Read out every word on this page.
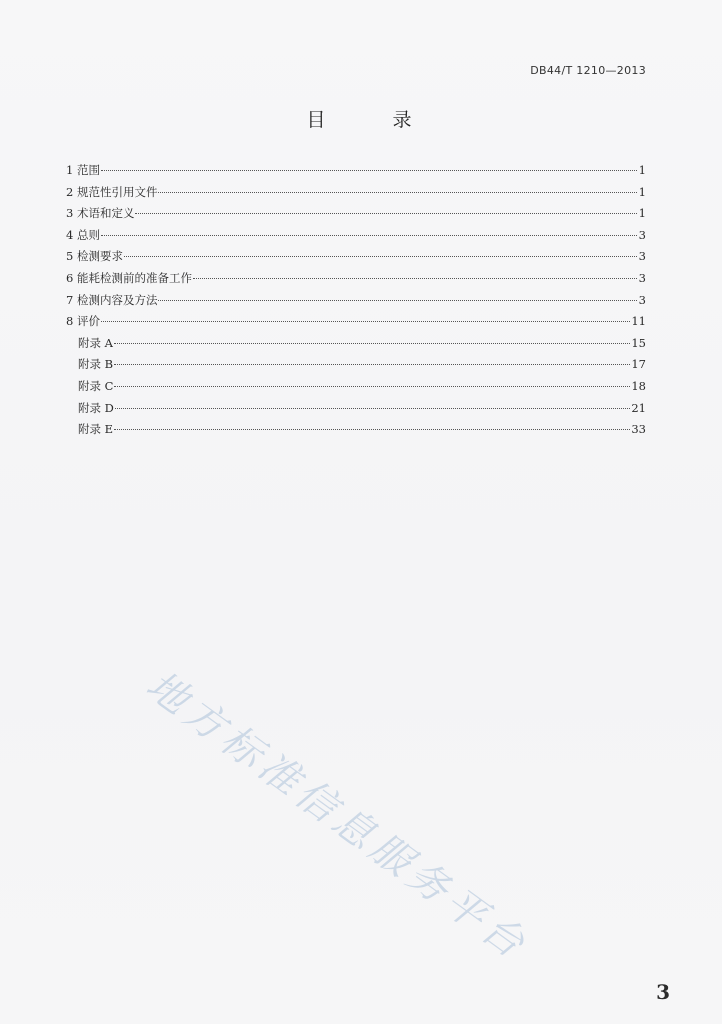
DB44/T 1210—2013
目　录
1 范围	1
2 规范性引用文件	1
3 术语和定义	1
4 总则	3
5 检测要求	3
6 能耗检测前的准备工作	3
7 检测内容及方法	3
8 评价	11
附录 A	15
附录 B	17
附录 C	18
附录 D	21
附录 E	33
地方标准信息服务平台
3
